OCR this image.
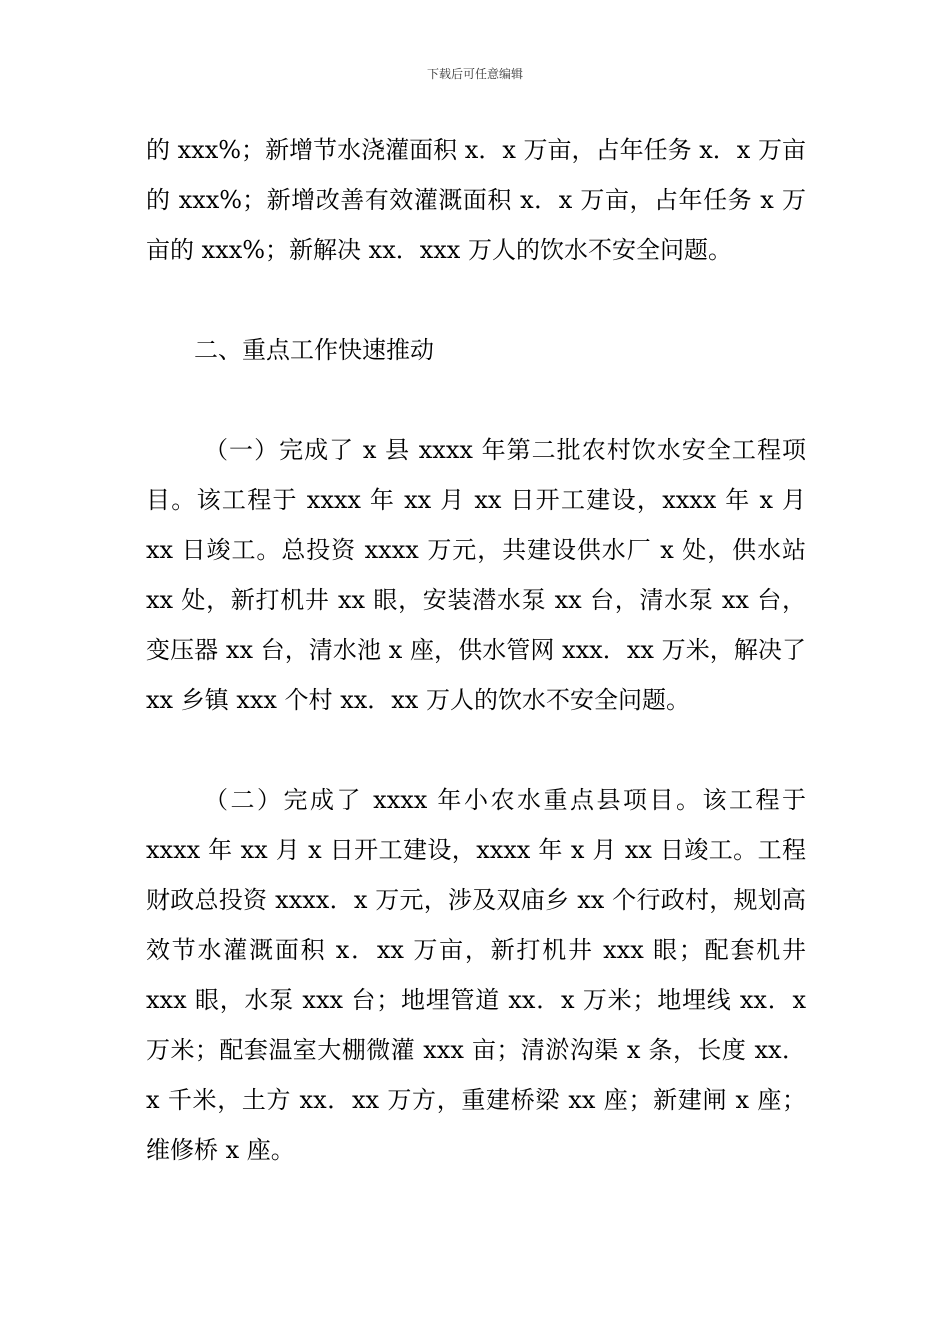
下载后可任意编辑

的 xxx%；新增节水浇灌面积 x．x 万亩，占年任务 x．x 万亩的 xxx%；新增改善有效灌溉面积 x．x 万亩，占年任务 x 万亩的 xxx%；新解决 xx．xxx 万人的饮水不安全问题。

二、重点工作快速推动

（一）完成了 x 县 xxxx 年第二批农村饮水安全工程项目。该工程于 xxxx 年 xx 月 xx 日开工建设，xxxx 年 x 月 xx 日竣工。总投资 xxxx 万元，共建设供水厂 x 处，供水站 xx 处，新打机井 xx 眼，安装潜水泵 xx 台，清水泵 xx 台，变压器 xx 台，清水池 x 座，供水管网 xxx．xx 万米，解决了 xx 乡镇 xxx 个村 xx．xx 万人的饮水不安全问题。

（二）完成了 xxxx 年小农水重点县项目。该工程于 xxxx 年 xx 月 x 日开工建设，xxxx 年 x 月 xx 日竣工。工程财政总投资 xxxx．x 万元，涉及双庙乡 xx 个行政村，规划高效节水灌溉面积 x．xx 万亩，新打机井 xxx 眼；配套机井 xxx 眼，水泵 xxx 台；地埋管道 xx．x 万米；地埋线 xx．x 万米；配套温室大棚微灌 xxx 亩；清淤沟渠 x 条，长度 xx．x 千米，土方 xx．xx 万方，重建桥梁 xx 座；新建闸 x 座；维修桥 x 座。
